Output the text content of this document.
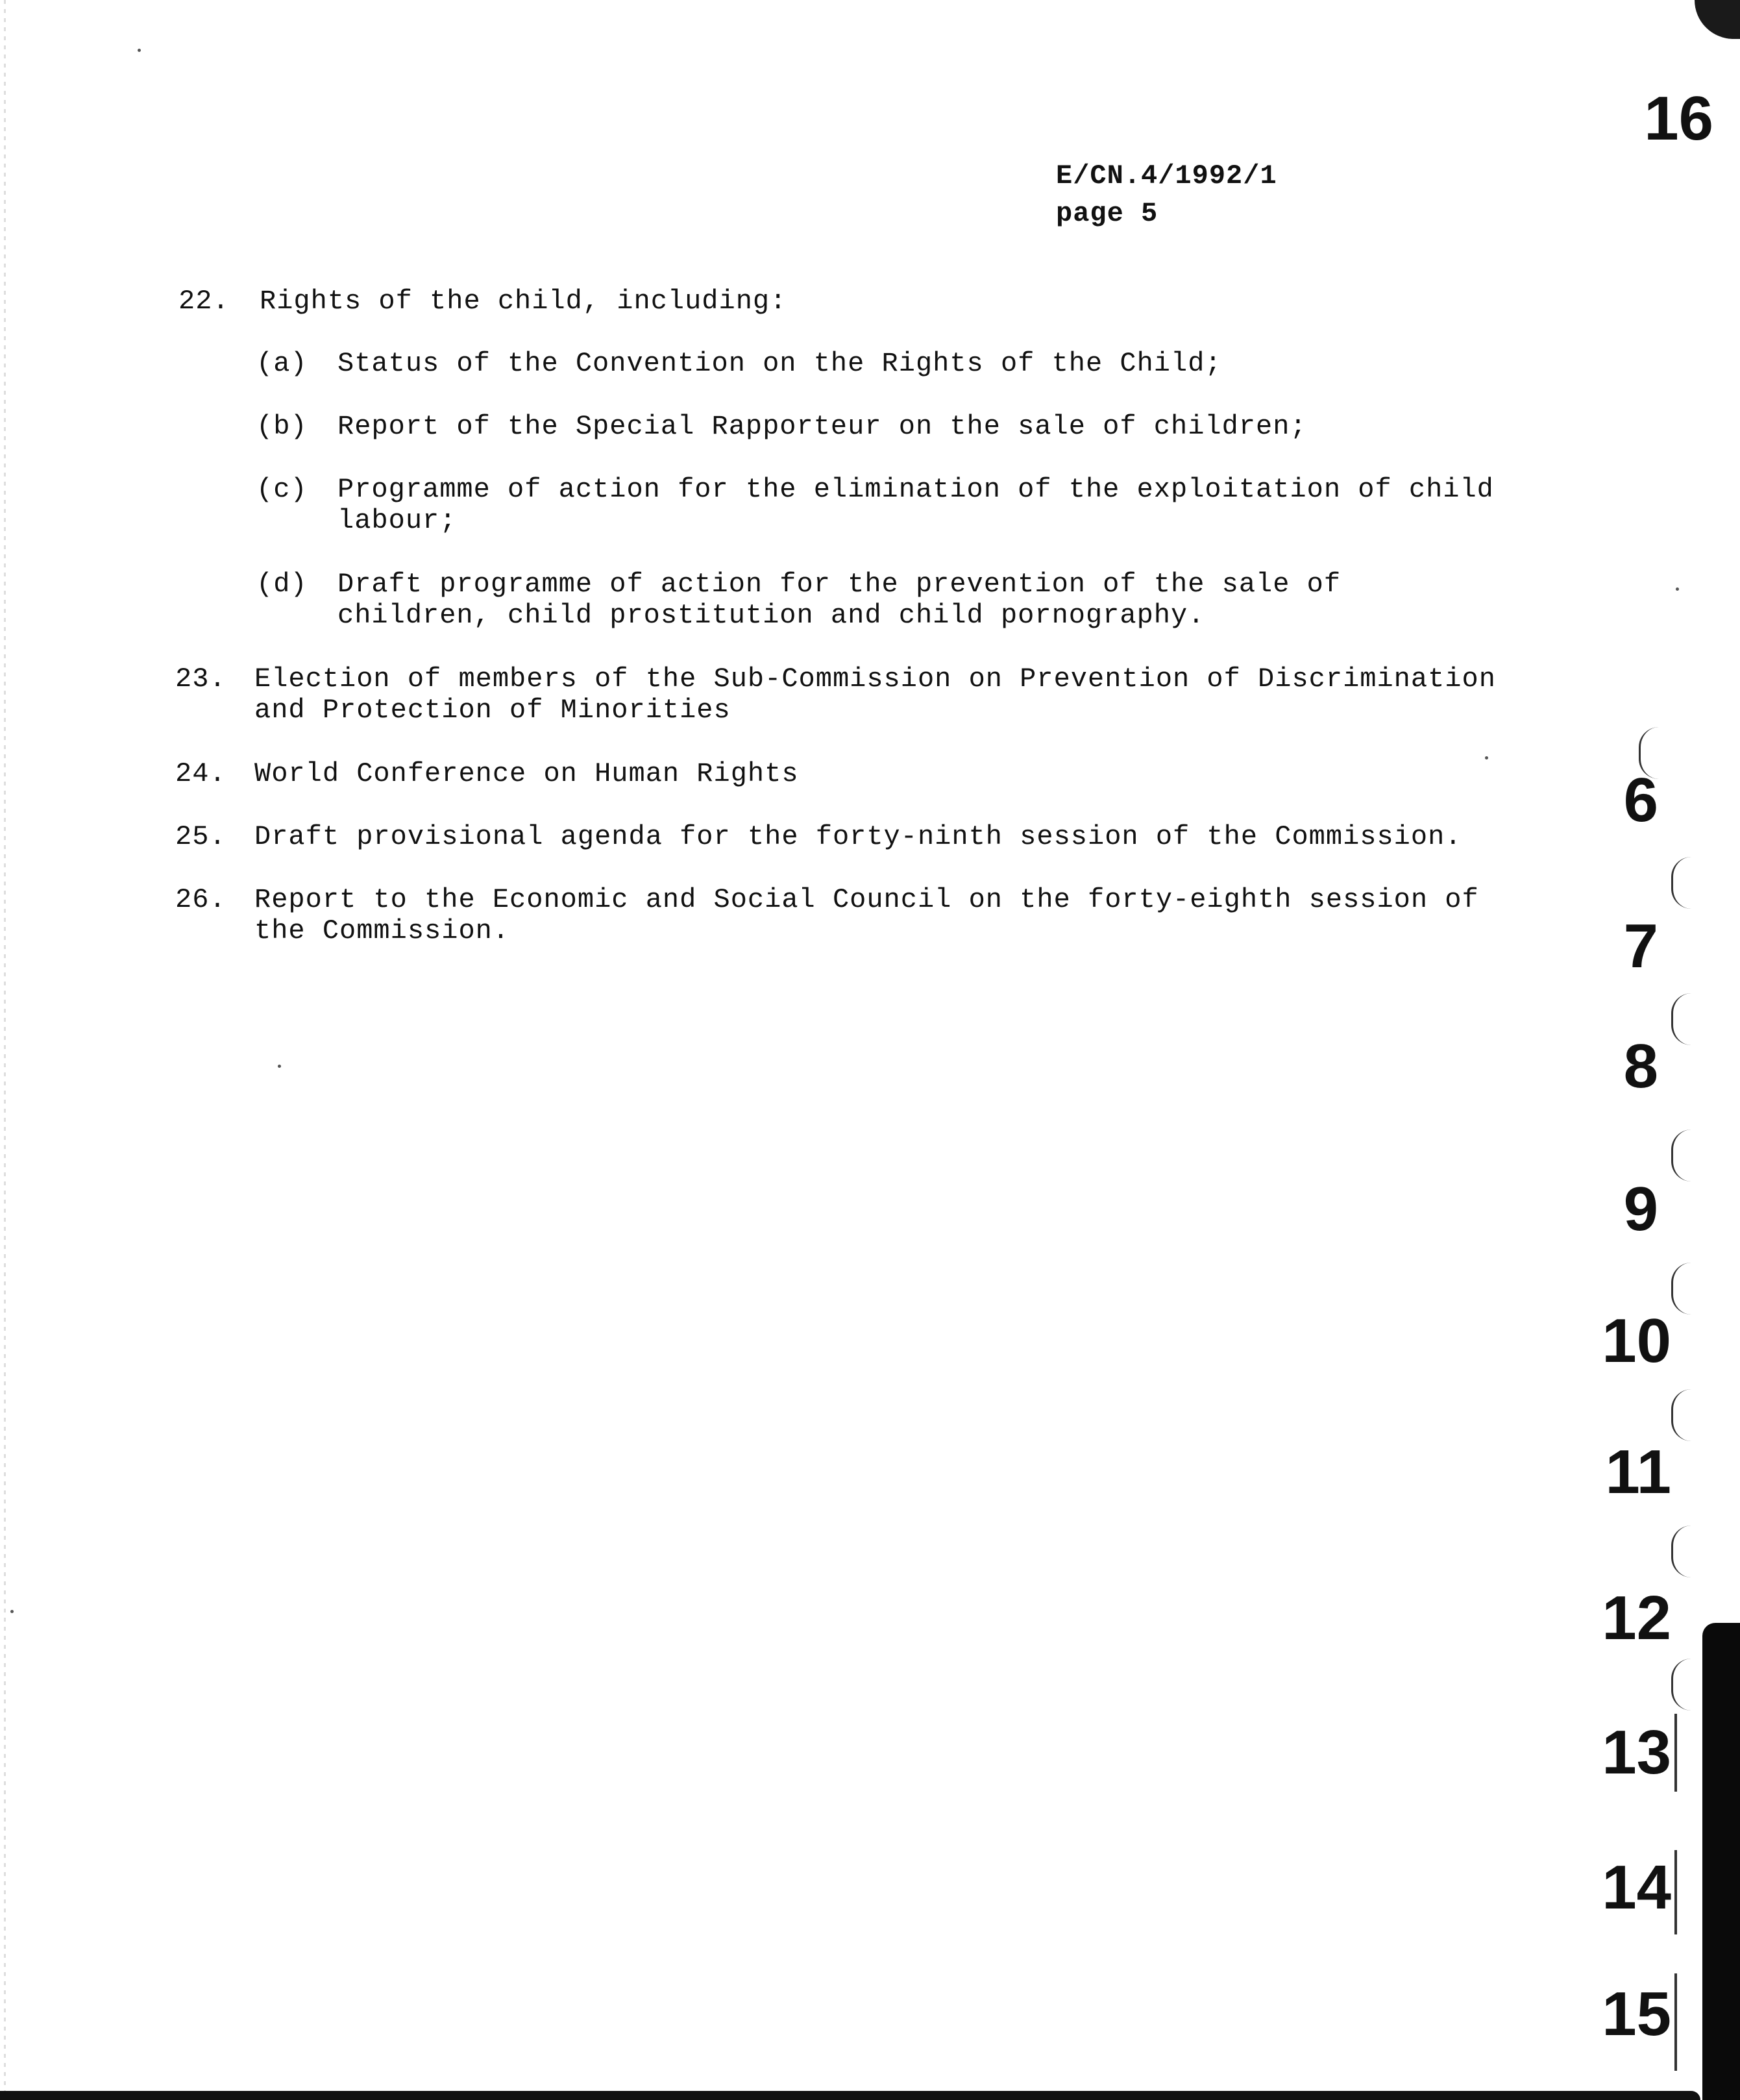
E/CN.4/1992/1
page 5
22. Rights of the child, including:
(a) Status of the Convention on the Rights of the Child;
(b) Report of the Special Rapporteur on the sale of children;
(c) Programme of action for the elimination of the exploitation of child
labour;
(d) Draft programme of action for the prevention of the sale of
children, child prostitution and child pornography.
23. Election of members of the Sub-Commission on Prevention of Discrimination
and Protection of Minorities
24. World Conference on Human Rights
25. Draft provisional agenda for the forty-ninth session of the Commission.
26. Report to the Economic and Social Council on the forty-eighth session of
the Commission.
16
6
7
8
9
10
11
12
13
14
15
